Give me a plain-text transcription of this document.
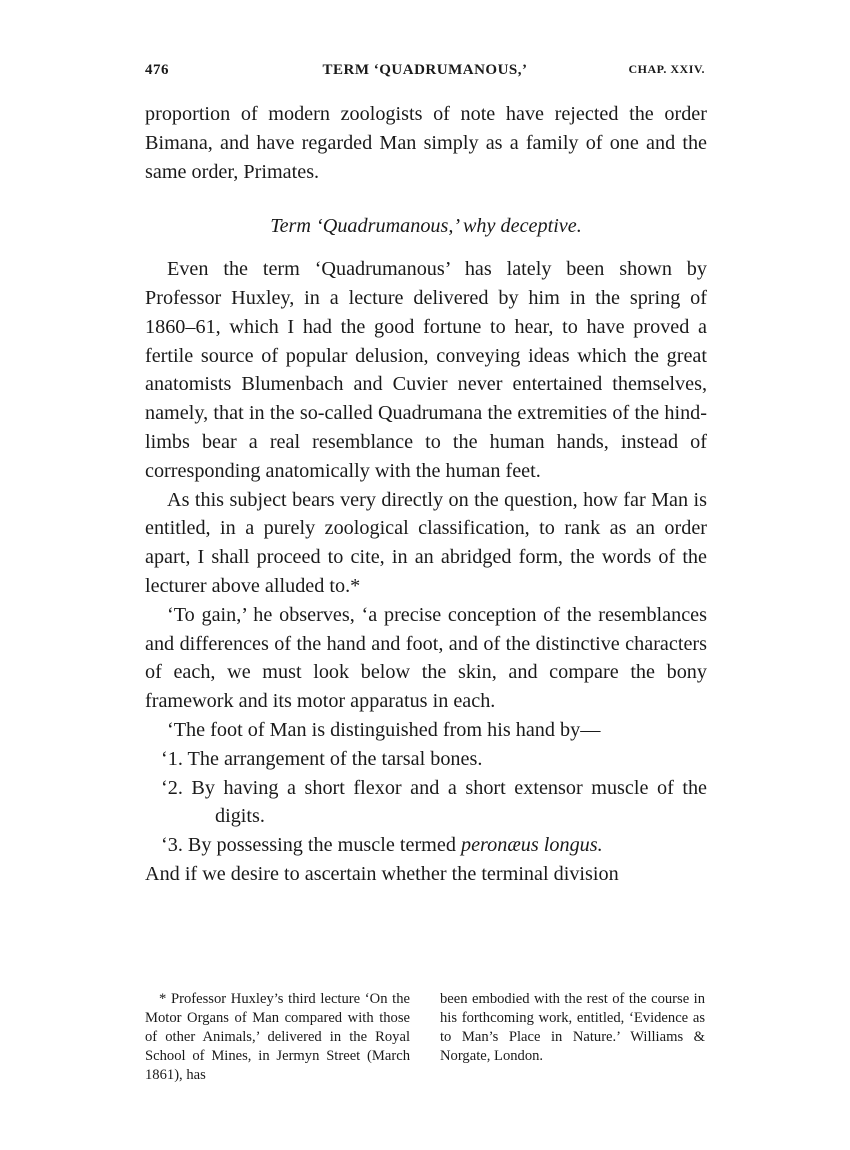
476	TERM ‘QUADRUMANOUS,’	CHAP. XXIV.

proportion of modern zoologists of note have rejected the order Bimana, and have regarded Man simply as a family of one and the same order, Primates.

Term ‘Quadrumanous,’ why deceptive.

Even the term ‘Quadrumanous’ has lately been shown by Professor Huxley, in a lecture delivered by him in the spring of 1860–61, which I had the good fortune to hear, to have proved a fertile source of popular delusion, conveying ideas which the great anatomists Blumenbach and Cuvier never entertained themselves, namely, that in the so-called Quadrumana the extremities of the hind-limbs bear a real resemblance to the human hands, instead of corresponding anatomically with the human feet.

As this subject bears very directly on the question, how far Man is entitled, in a purely zoological classification, to rank as an order apart, I shall proceed to cite, in an abridged form, the words of the lecturer above alluded to.*

‘To gain,’ he observes, ‘a precise conception of the resemblances and differences of the hand and foot, and of the distinctive characters of each, we must look below the skin, and compare the bony framework and its motor apparatus in each.

‘The foot of Man is distinguished from his hand by—

‘1. The arrangement of the tarsal bones.

‘2. By having a short flexor and a short extensor muscle of the digits.

‘3. By possessing the muscle termed peronæus longus.

And if we desire to ascertain whether the terminal division

* Professor Huxley’s third lecture ‘On the Motor Organs of Man compared with those of other Animals,’ delivered in the Royal School of Mines, in Jermyn Street (March 1861), has

been embodied with the rest of the course in his forthcoming work, entitled, ‘Evidence as to Man’s Place in Nature.’ Williams & Norgate, London.
